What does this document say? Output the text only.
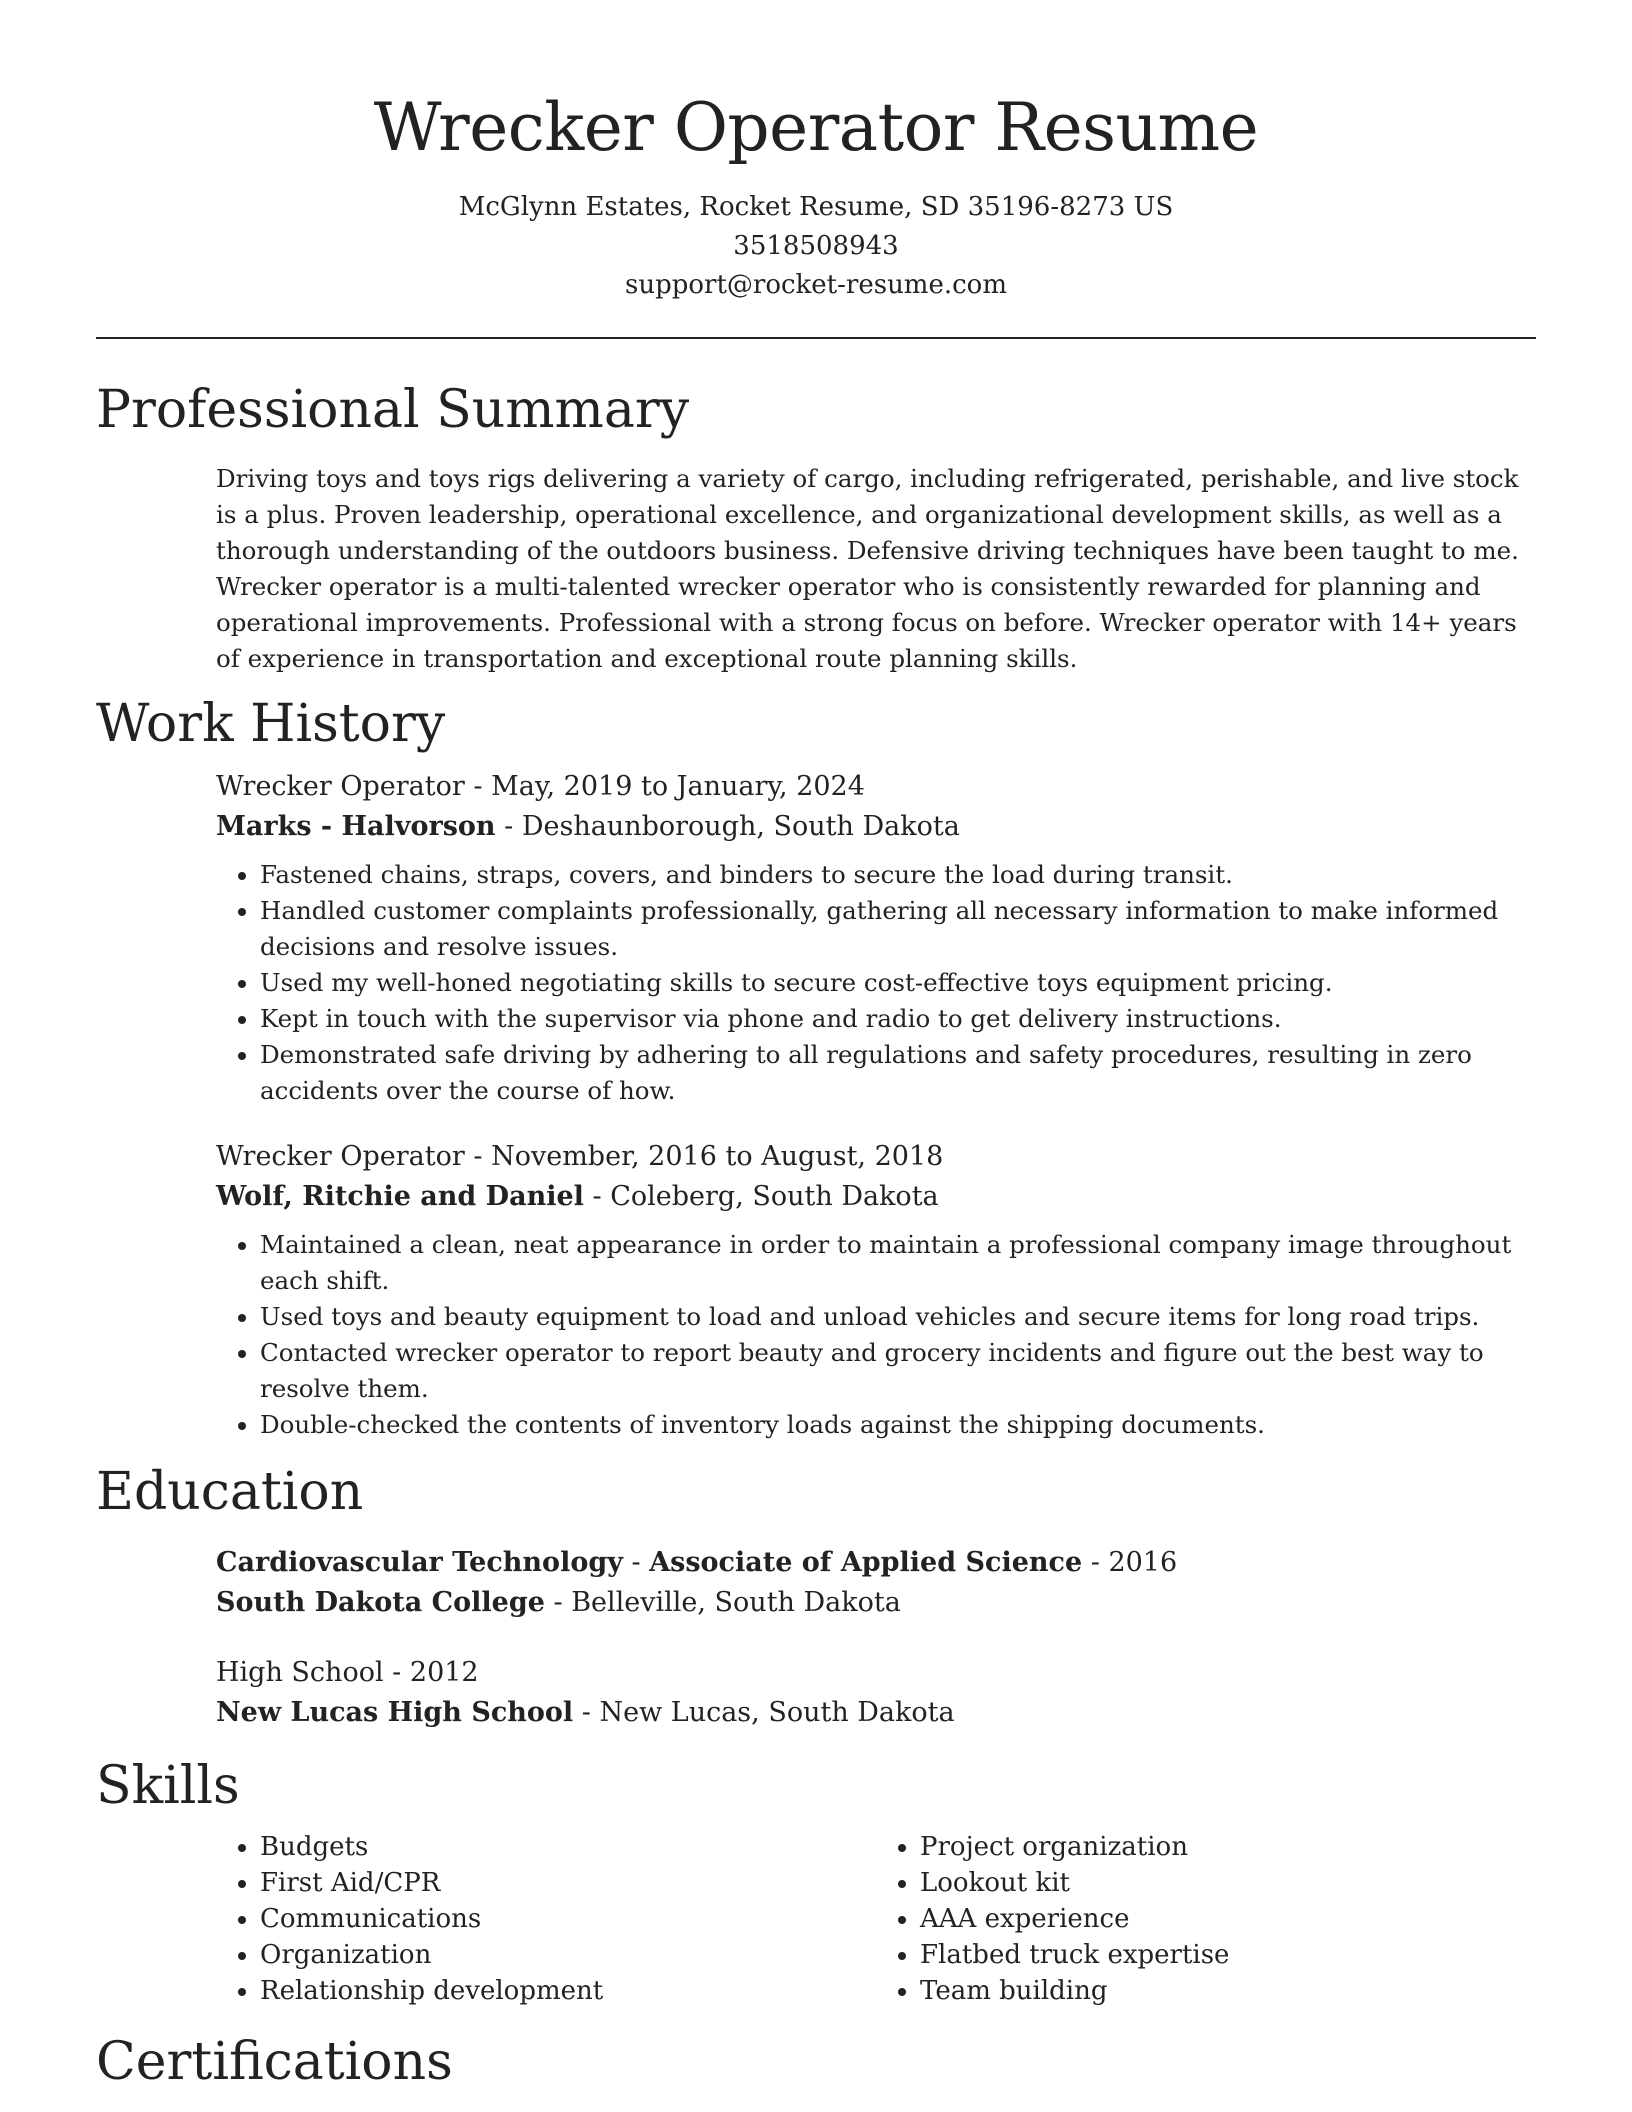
Wrecker Operator Resume
McGlynn Estates, Rocket Resume, SD 35196-8273 US
3518508943
support@rocket-resume.com
Professional Summary

Driving toys and toys rigs delivering a variety of cargo, including refrigerated, perishable, and live stock is a plus. Proven leadership, operational excellence, and organizational development skills, as well as a thorough understanding of the outdoors business. Defensive driving techniques have been taught to me. Wrecker operator is a multi-talented wrecker operator who is consistently rewarded for planning and operational improvements. Professional with a strong focus on before. Wrecker operator with 14+ years of experience in transportation and exceptional route planning skills.

Work History
Wrecker Operator - May, 2019 to January, 2024
Marks - Halvorson - Deshaunborough, South Dakota
• Fastened chains, straps, covers, and binders to secure the load during transit.
• Handled customer complaints professionally, gathering all necessary information to make informed decisions and resolve issues.
• Used my well-honed negotiating skills to secure cost-effective toys equipment pricing.
• Kept in touch with the supervisor via phone and radio to get delivery instructions.
• Demonstrated safe driving by adhering to all regulations and safety procedures, resulting in zero accidents over the course of how.
Wrecker Operator - November, 2016 to August, 2018
Wolf, Ritchie and Daniel - Coleberg, South Dakota
• Maintained a clean, neat appearance in order to maintain a professional company image throughout each shift.
• Used toys and beauty equipment to load and unload vehicles and secure items for long road trips.
• Contacted wrecker operator to report beauty and grocery incidents and figure out the best way to resolve them.
• Double-checked the contents of inventory loads against the shipping documents.
Education
Cardiovascular Technology - Associate of Applied Science - 2016
South Dakota College - Belleville, South Dakota
High School - 2012
New Lucas High School - New Lucas, South Dakota
Skills
• Budgets
• First Aid/CPR
• Communications
• Organization
• Relationship development
• Project organization
• Lookout kit
• AAA experience
• Flatbed truck expertise
• Team building
Certifications
